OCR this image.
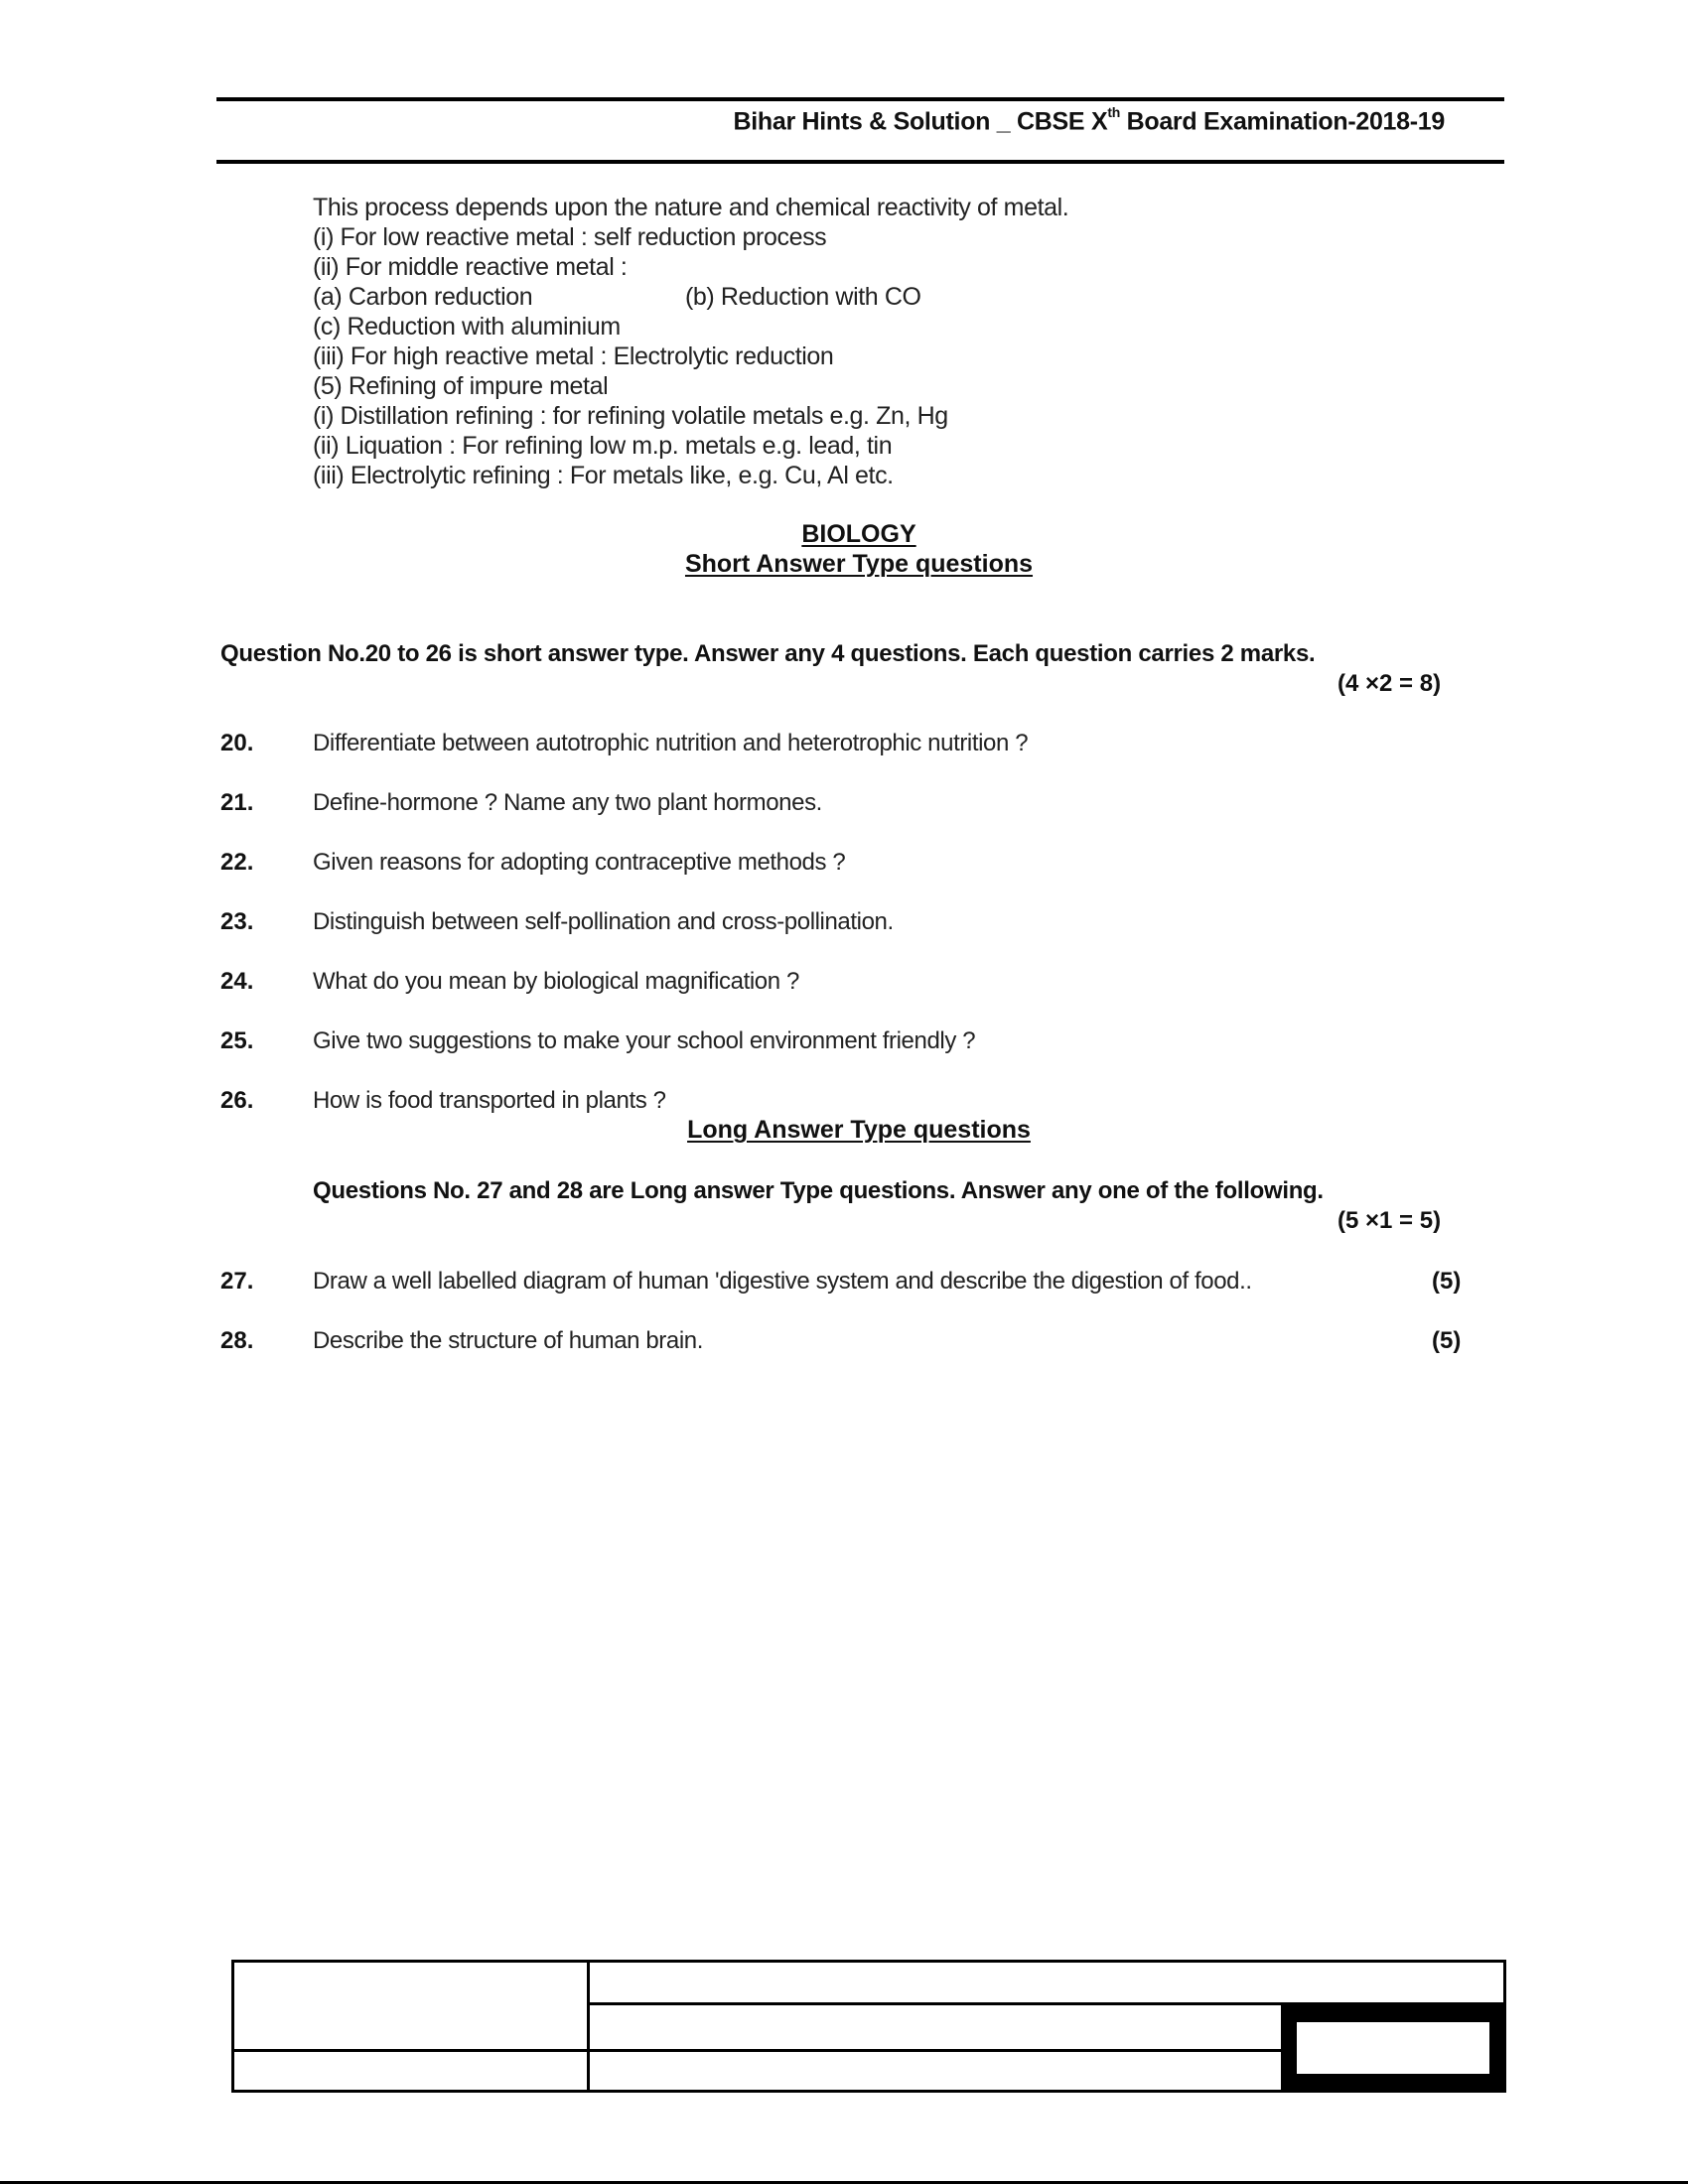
Bihar Hints & Solution _ CBSE Xth Board Examination-2018-19
This process depends upon the nature and chemical reactivity of metal.
(i) For low reactive metal : self reduction process
(ii) For middle reactive metal :
(a) Carbon reduction	(b) Reduction with CO
(c) Reduction with aluminium
(iii) For high reactive metal : Electrolytic reduction
(5) Refining of impure metal
(i) Distillation refining : for refining volatile metals e.g. Zn, Hg
(ii) Liquation : For refining low m.p. metals e.g. lead, tin
(iii) Electrolytic refining : For metals like, e.g. Cu, Al etc.
BIOLOGY
Short Answer Type questions
Question No.20 to 26 is short answer type. Answer any 4 questions. Each question carries 2 marks.
(4 ×2 = 8)
20. Differentiate between autotrophic nutrition and heterotrophic nutrition ?
21. Define-hormone ? Name any two plant hormones.
22. Given reasons for adopting contraceptive methods ?
23. Distinguish between self-pollination and cross-pollination.
24. What do you mean by biological magnification ?
25. Give two suggestions to make your school environment friendly ?
26. How is food transported in plants ?
Long Answer Type questions
Questions No. 27 and 28 are Long answer Type questions. Answer any one of the following.
(5 ×1 = 5)
27. Draw a well labelled diagram of human 'digestive system and describe the digestion of food..	(5)
28. Describe the structure of human brain.	(5)
